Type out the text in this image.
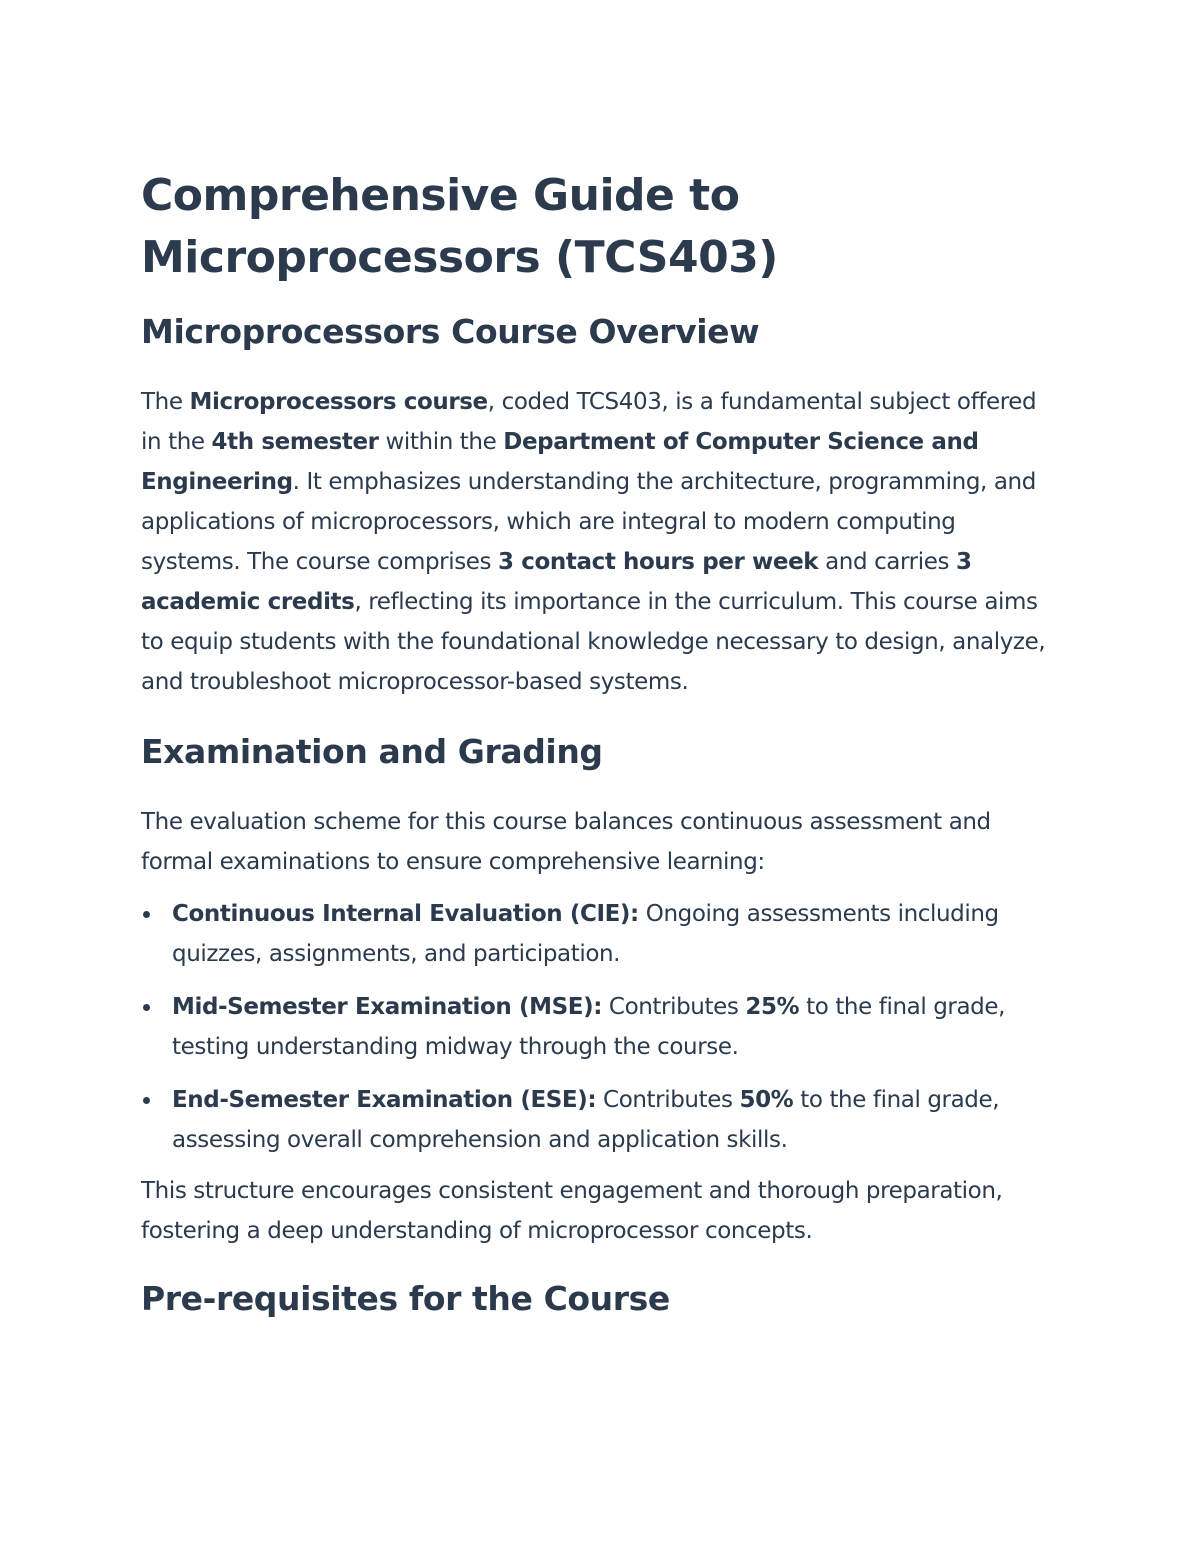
Comprehensive Guide to Microprocessors (TCS403)
Microprocessors Course Overview

The Microprocessors course, coded TCS403, is a fundamental subject offered in the 4th semester within the Department of Computer Science and Engineering. It emphasizes understanding the architecture, programming, and applications of microprocessors, which are integral to modern computing systems. The course comprises 3 contact hours per week and carries 3 academic credits, reflecting its importance in the curriculum. This course aims to equip students with the foundational knowledge necessary to design, analyze, and troubleshoot microprocessor-based systems.

Examination and Grading

The evaluation scheme for this course balances continuous assessment and formal examinations to ensure comprehensive learning:

Continuous Internal Evaluation (CIE): Ongoing assessments including quizzes, assignments, and participation.
Mid-Semester Examination (MSE): Contributes 25% to the final grade, testing understanding midway through the course.
End-Semester Examination (ESE): Contributes 50% to the final grade, assessing overall comprehension and application skills.

This structure encourages consistent engagement and thorough preparation, fostering a deep understanding of microprocessor concepts.

Pre-requisites for the Course
